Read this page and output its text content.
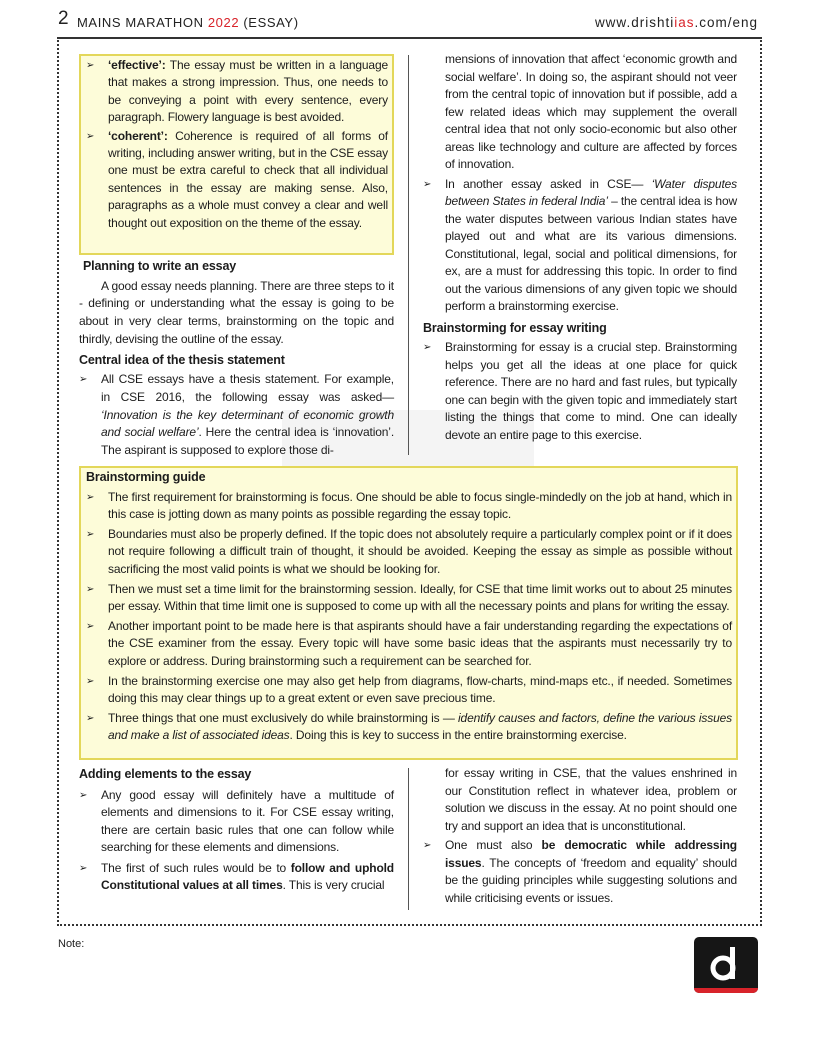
2 MAINS MARATHON 2022 (ESSAY)	www.drishtiias.com/eng
➢ ‘effective’: The essay must be written in a language that makes a strong impression. Thus, one needs to be conveying a point with every sentence, every paragraph. Flowery language is best avoided.
➢ ‘coherent’: Coherence is required of all forms of writing, including answer writing, but in the CSE essay one must be extra careful to check that all individual sentences in the essay are making sense. Also, paragraphs as a whole must convey a clear and well thought out exposition on the theme of the essay.

Planning to write an essay

A good essay needs planning. There are three steps to it - defining or understanding what the essay is going to be about in very clear terms, brainstorming on the topic and thirdly, devising the outline of the essay.

Central idea of the thesis statement

➢ All CSE essays have a thesis statement. For example, in CSE 2016, the following essay was asked— ‘Innovation is the key determinant of economic growth and social welfare’. Here the central idea is ‘innovation’. The aspirant is supposed to explore those di-

mensions of innovation that affect ‘economic growth and social welfare’. In doing so, the aspirant should not veer from the central topic of innovation but if possible, add a few related ideas which may supplement the overall central idea that not only socio-economic but also other areas like technology and culture are affected by forces of innovation.

➢ In another essay asked in CSE— ‘Water disputes between States in federal India’ – the central idea is how the water disputes between various Indian states have played out and what are its various dimensions. Constitutional, legal, social and political dimensions, for ex, are a must for addressing this topic. In order to find out the various dimensions of any given topic we should perform a brainstorming exercise.

Brainstorming for essay writing

➢ Brainstorming for essay is a crucial step. Brainstorming helps you get all the ideas at one place for quick reference. There are no hard and fast rules, but typically one can begin with the given topic and immediately start listing the things that come to mind. One can ideally devote an entire page to this exercise.

Brainstorming guide

➢ The first requirement for brainstorming is focus. One should be able to focus single-mindedly on the job at hand, which in this case is jotting down as many points as possible regarding the essay topic.
➢ Boundaries must also be properly defined. If the topic does not absolutely require a particularly complex point or if it does not require following a difficult train of thought, it should be avoided. Keeping the essay as simple as possible without sacrificing the most valid points is what we should be looking for.
➢ Then we must set a time limit for the brainstorming session. Ideally, for CSE that time limit works out to about 25 minutes per essay. Within that time limit one is supposed to come up with all the necessary points and plans for writing the essay.
➢ Another important point to be made here is that aspirants should have a fair understanding regarding the expectations of the CSE examiner from the essay. Every topic will have some basic ideas that the aspirants must necessarily try to explore or address. During brainstorming such a requirement can be searched for.
➢ In the brainstorming exercise one may also get help from diagrams, flow-charts, mind-maps etc., if needed. Sometimes doing this may clear things up to a great extent or even save precious time.
➢ Three things that one must exclusively do while brainstorming is — identify causes and factors, define the various issues and make a list of associated ideas. Doing this is key to success in the entire brainstorming exercise.

Adding elements to the essay

➢ Any good essay will definitely have a multitude of elements and dimensions to it. For CSE essay writing, there are certain basic rules that one can follow while searching for these elements and dimensions.
➢ The first of such rules would be to follow and uphold Constitutional values at all times. This is very crucial

for essay writing in CSE, that the values enshrined in our Constitution reflect in whatever idea, problem or solution we discuss in the essay. At no point should one try and support an idea that is unconstitutional.

➢ One must also be democratic while addressing issues. The concepts of ‘freedom and equality’ should be the guiding principles while suggesting solutions and while criticising events or issues.
Note:
